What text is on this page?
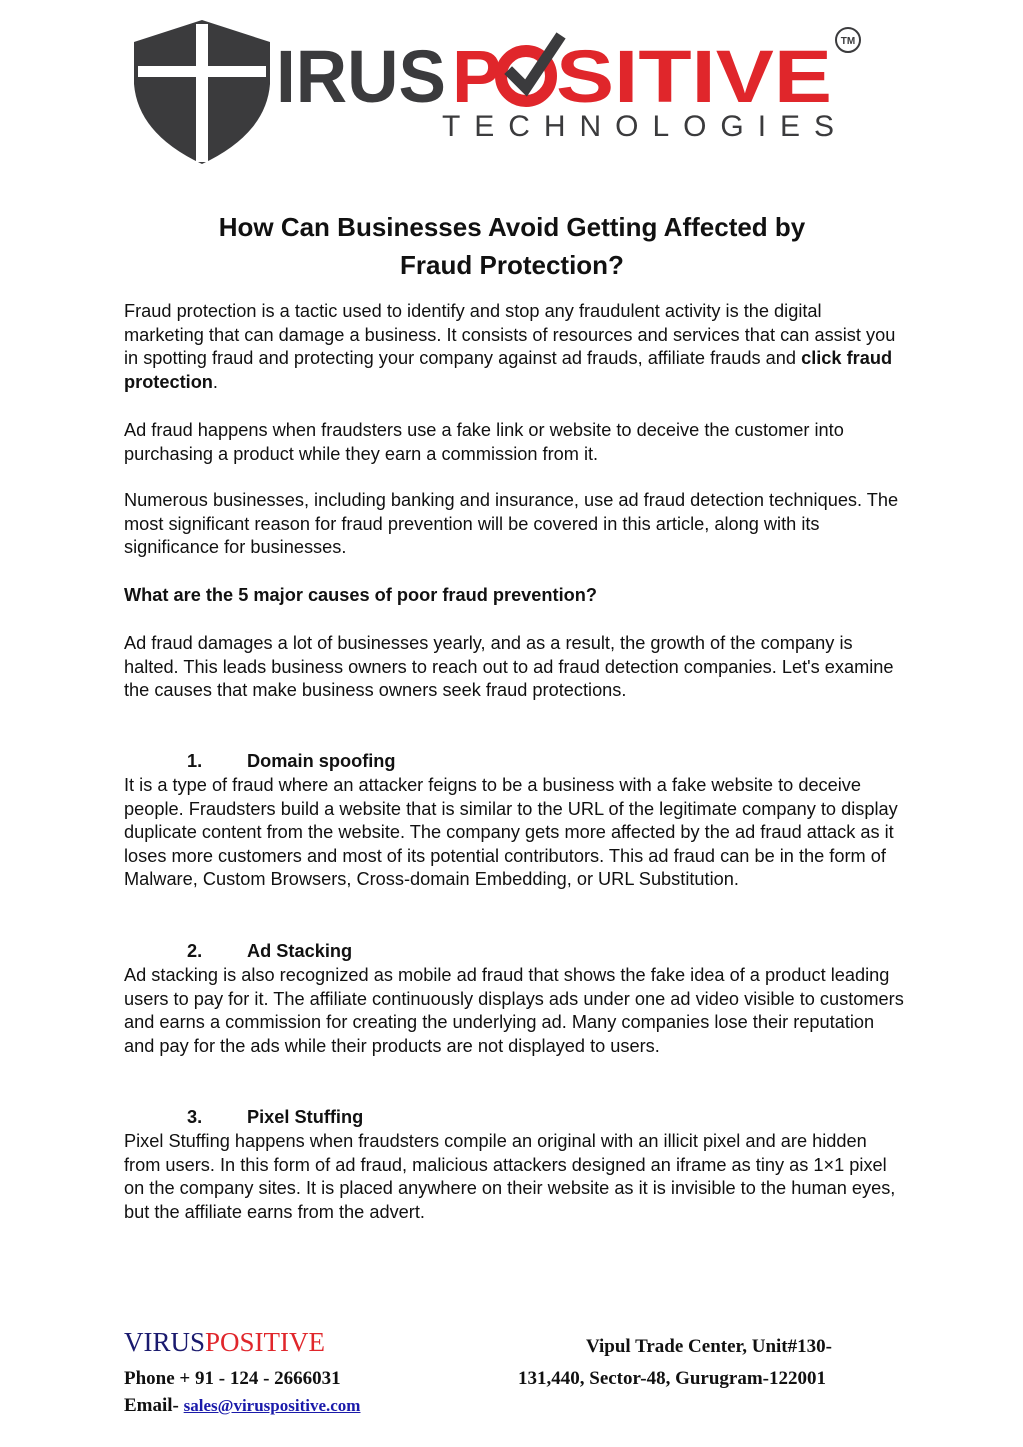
IRUS P SITIVE TM
TECHNOLOGIES
How Can Businesses Avoid Getting Affected by
Fraud Protection?

Fraud protection is a tactic used to identify and stop any fraudulent activity is the digital marketing that can damage a business. It consists of resources and services that can assist you in spotting fraud and protecting your company against ad frauds, affiliate frauds and click fraud protection.

Ad fraud happens when fraudsters use a fake link or website to deceive the customer into purchasing a product while they earn a commission from it.

Numerous businesses, including banking and insurance, use ad fraud detection techniques. The most significant reason for fraud prevention will be covered in this article, along with its significance for businesses.

What are the 5 major causes of poor fraud prevention?

Ad fraud damages a lot of businesses yearly, and as a result, the growth of the company is halted. This leads business owners to reach out to ad fraud detection companies. Let's examine the causes that make business owners seek fraud protections.

1. Domain spoofing

It is a type of fraud where an attacker feigns to be a business with a fake website to deceive people. Fraudsters build a website that is similar to the URL of the legitimate company to display duplicate content from the website. The company gets more affected by the ad fraud attack as it loses more customers and most of its potential contributors. This ad fraud can be in the form of Malware, Custom Browsers, Cross-domain Embedding, or URL Substitution.

2. Ad Stacking

Ad stacking is also recognized as mobile ad fraud that shows the fake idea of a product leading users to pay for it. The affiliate continuously displays ads under one ad video visible to customers and earns a commission for creating the underlying ad. Many companies lose their reputation and pay for the ads while their products are not displayed to users.

3. Pixel Stuffing

Pixel Stuffing happens when fraudsters compile an original with an illicit pixel and are hidden from users. In this form of ad fraud, malicious attackers designed an iframe as tiny as 1×1 pixel on the company sites. It is placed anywhere on their website as it is invisible to the human eyes, but the affiliate earns from the advert.

VIRUSPOSITIVE
Phone + 91 - 124 - 2666031
Email- sales@viruspositive.com
Vipul Trade Center, Unit#130-
131,440, Sector-48, Gurugram-122001
